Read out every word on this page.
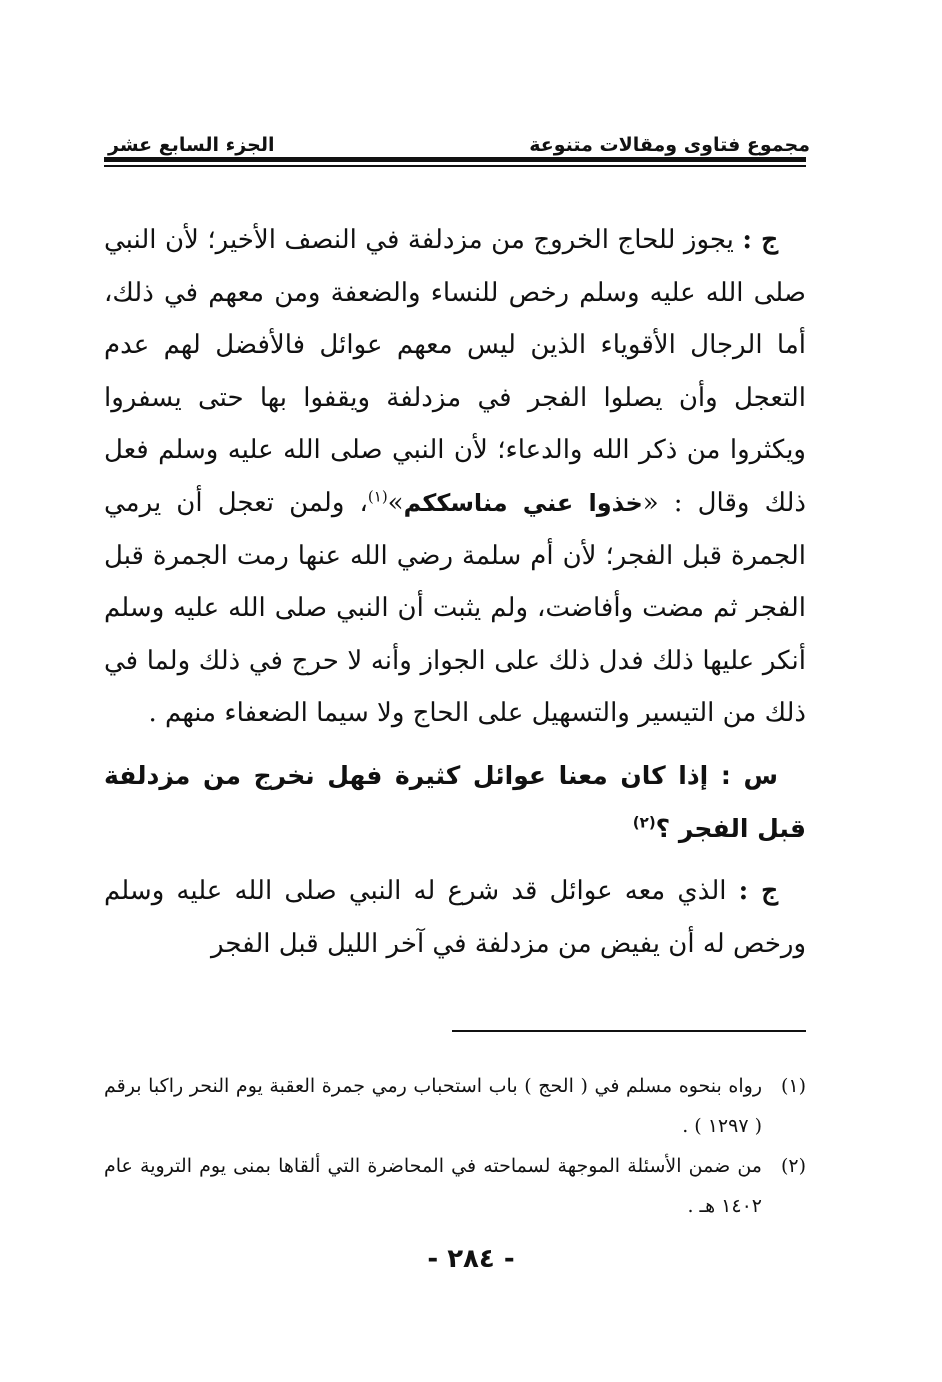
مجموع فتاوى ومقالات متنوعة
الجزء السابع عشر

ج : يجوز للحاج الخروج من مزدلفة في النصف الأخير؛ لأن النبي صلى الله عليه وسلم رخص للنساء والضعفة ومن معهم في ذلك، أما الرجال الأقوياء الذين ليس معهم عوائل فالأفضل لهم عدم التعجل وأن يصلوا الفجر في مزدلفة ويقفوا بها حتى يسفروا ويكثروا من ذكر الله والدعاء؛ لأن النبي صلى الله عليه وسلم فعل ذلك وقال : «خذوا عني مناسككم»$^{(١)}$، ولمن تعجل أن يرمي الجمرة قبل الفجر؛ لأن أم سلمة رضي الله عنها رمت الجمرة قبل الفجر ثم مضت وأفاضت، ولم يثبت أن النبي صلى الله عليه وسلم أنكر عليها ذلك فدل ذلك على الجواز وأنه لا حرج في ذلك ولما في ذلك من التيسير والتسهيل على الحاج ولا سيما الضعفاء منهم .

س : إذا كان معنا عوائل كثيرة فهل نخرج من مزدلفة قبل الفجر ؟$^{(٢)}$

ج : الذي معه عوائل قد شرع له النبي صلى الله عليه وسلم ورخص له أن يفيض من مزدلفة في آخر الليل قبل الفجر

(١)
رواه بنحوه مسلم في ( الحج ) باب استحباب رمي جمرة العقبة يوم النحر راكبا برقم ( ١٢٩٧ ) .
(٢)
من ضمن الأسئلة الموجهة لسماحته في المحاضرة التي ألقاها بمنى يوم التروية عام ١٤٠٢ هـ .
- ٢٨٤ -
